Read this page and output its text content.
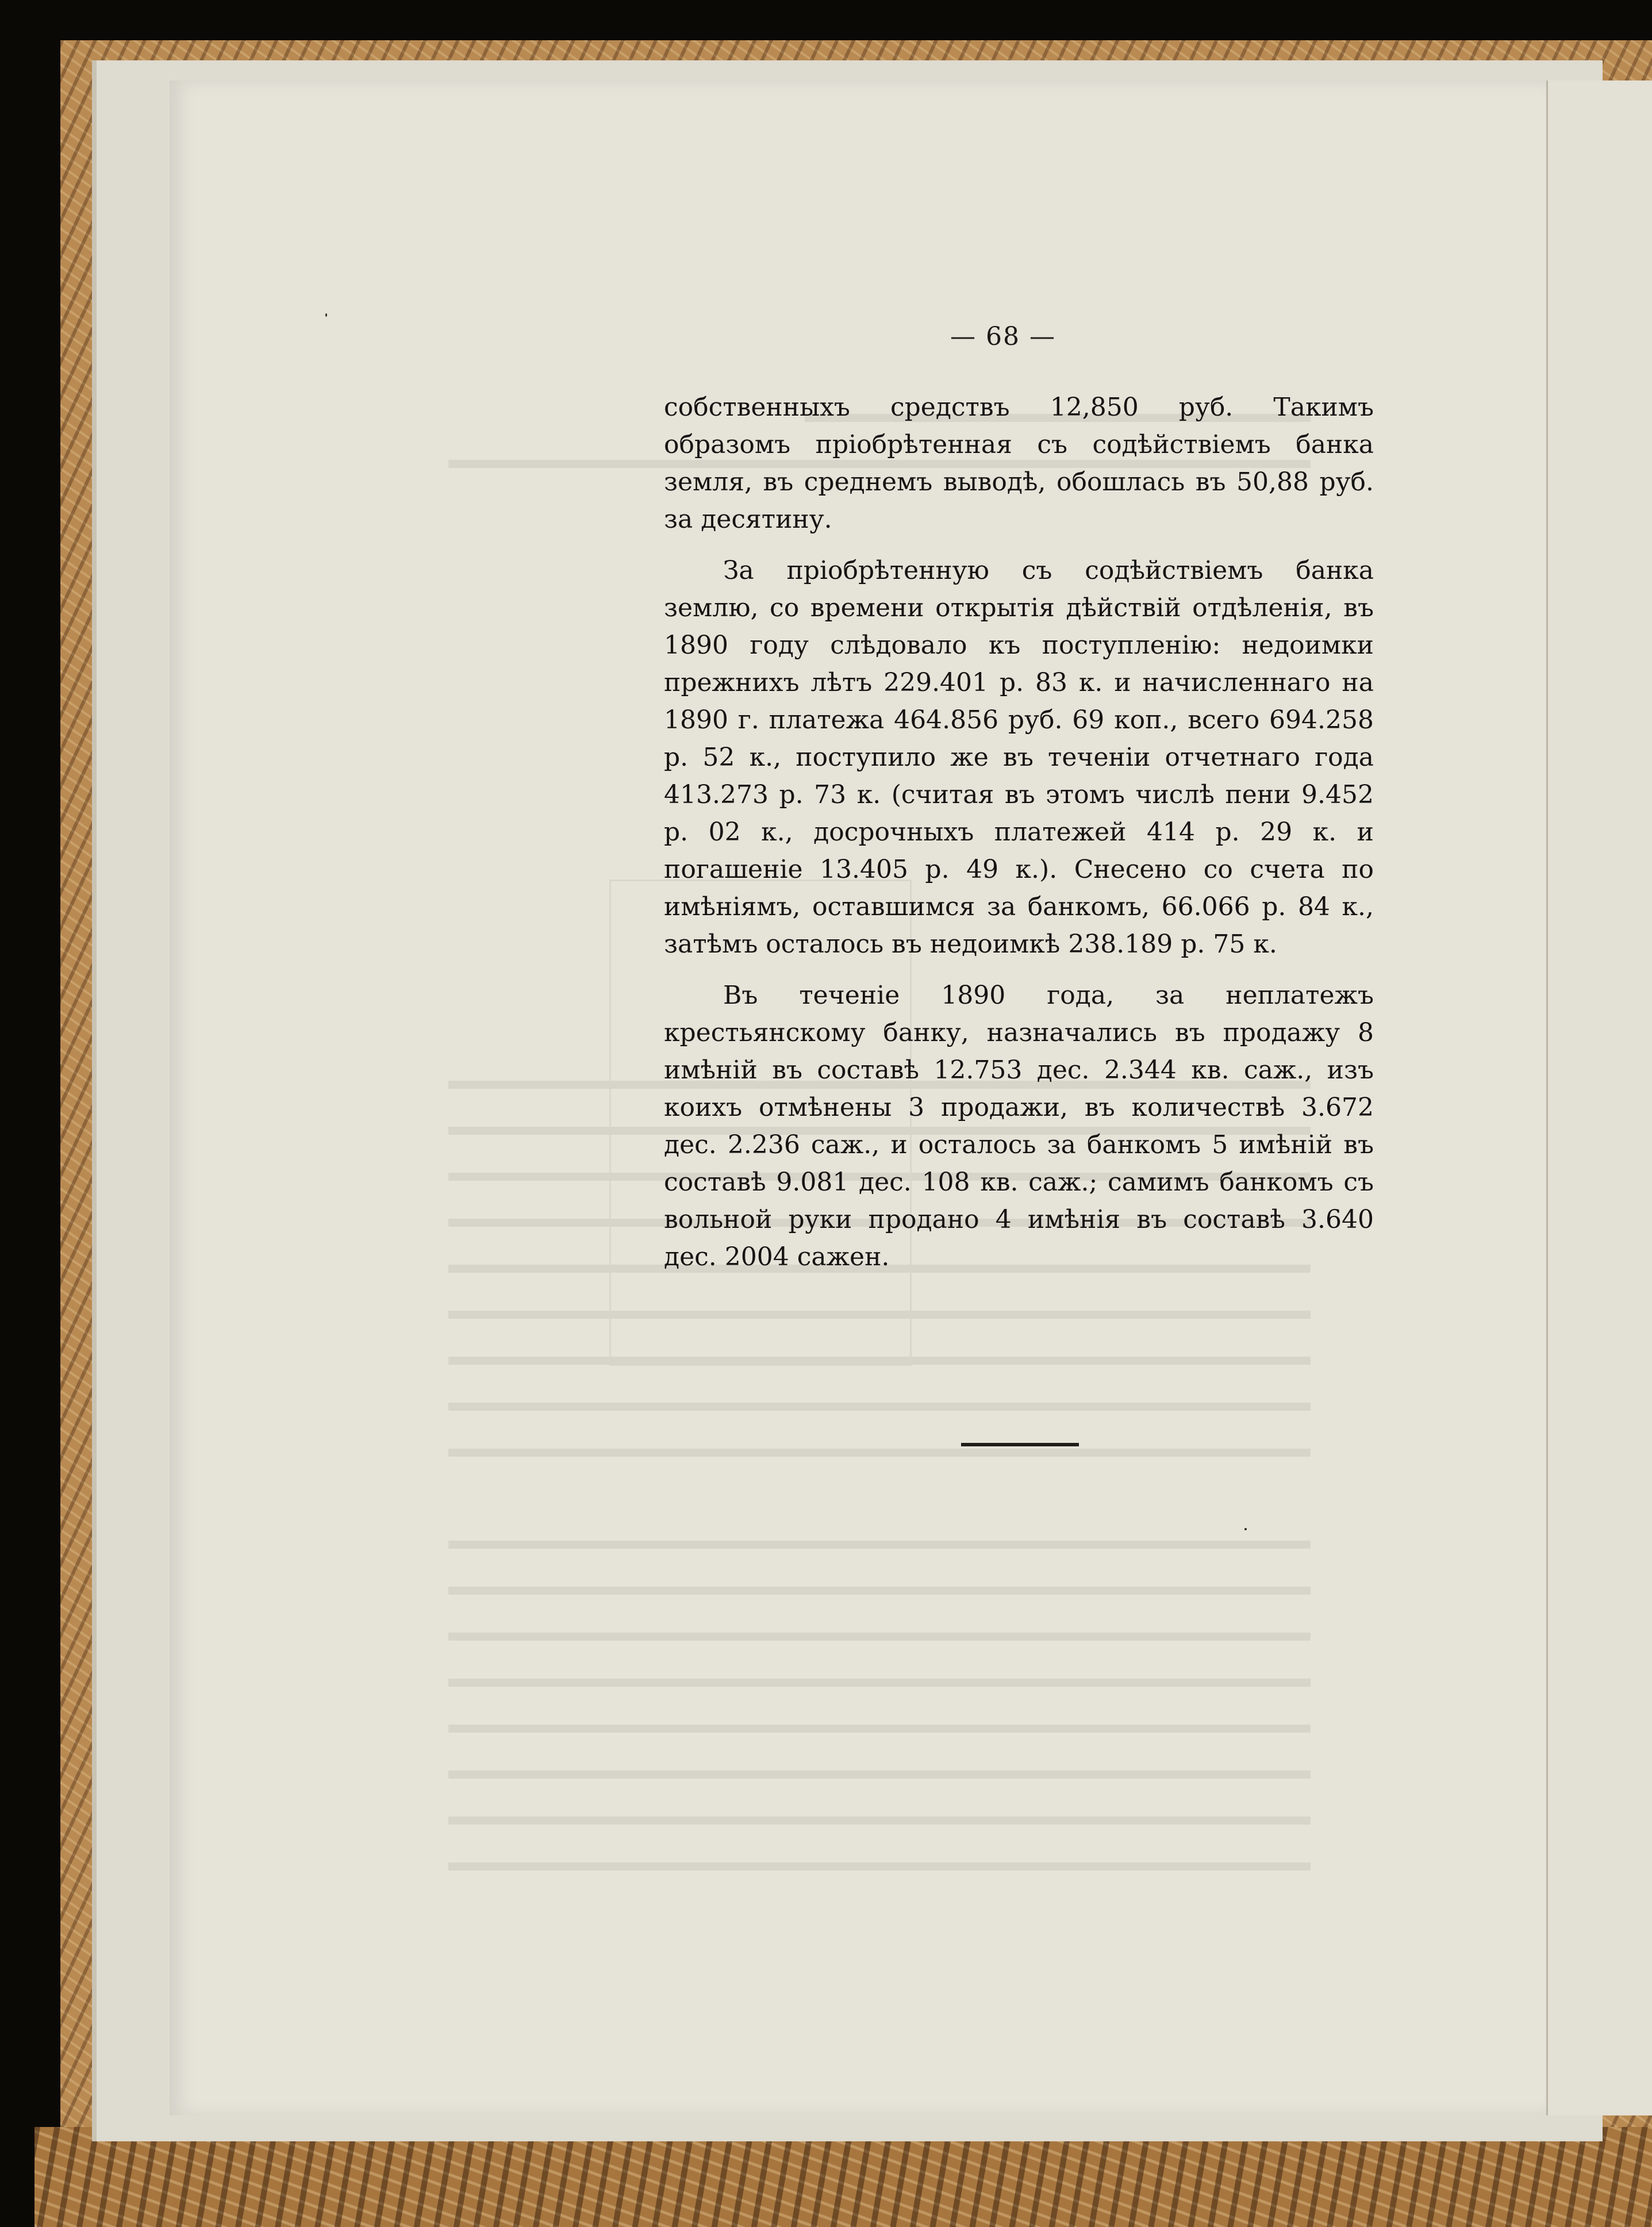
— 68 —

собственныхъ средствъ 12,850 руб. Такимъ образомъ пріобрѣтенная съ содѣйствіемъ банка земля, въ среднемъ выводѣ, обошлась въ 50,88 руб. за десятину.

За пріобрѣтенную съ содѣйствіемъ банка землю, со времени открытія дѣйствій отдѣленія, въ 1890 году слѣдовало къ поступленію: недоимки прежнихъ лѣтъ 229.401 р. 83 к. и начисленнаго на 1890 г. платежа 464.856 руб. 69 коп., всего 694.258 р. 52 к., поступило же въ теченіи отчетнаго года 413.273 р. 73 к. (считая въ этомъ числѣ пени 9.452 р. 02 к., досрочныхъ платежей 414 р. 29 к. и погашеніе 13.405 р. 49 к.). Снесено со счета по имѣніямъ, оставшимся за банкомъ, 66.066 р. 84 к., затѣмъ осталось въ недоимкѣ 238.189 р. 75 к.

Въ теченіе 1890 года, за неплатежъ крестьянскому банку, назначались въ продажу 8 имѣній въ составѣ 12.753 дес. 2.344 кв. саж., изъ коихъ отмѣнены 3 продажи, въ количествѣ 3.672 дес. 2.236 саж., и осталось за банкомъ 5 имѣній въ составѣ 9.081 дес. 108 кв. саж.; самимъ банкомъ съ вольной руки продано 4 имѣнія въ составѣ 3.640 дес. 2004 сажен.
